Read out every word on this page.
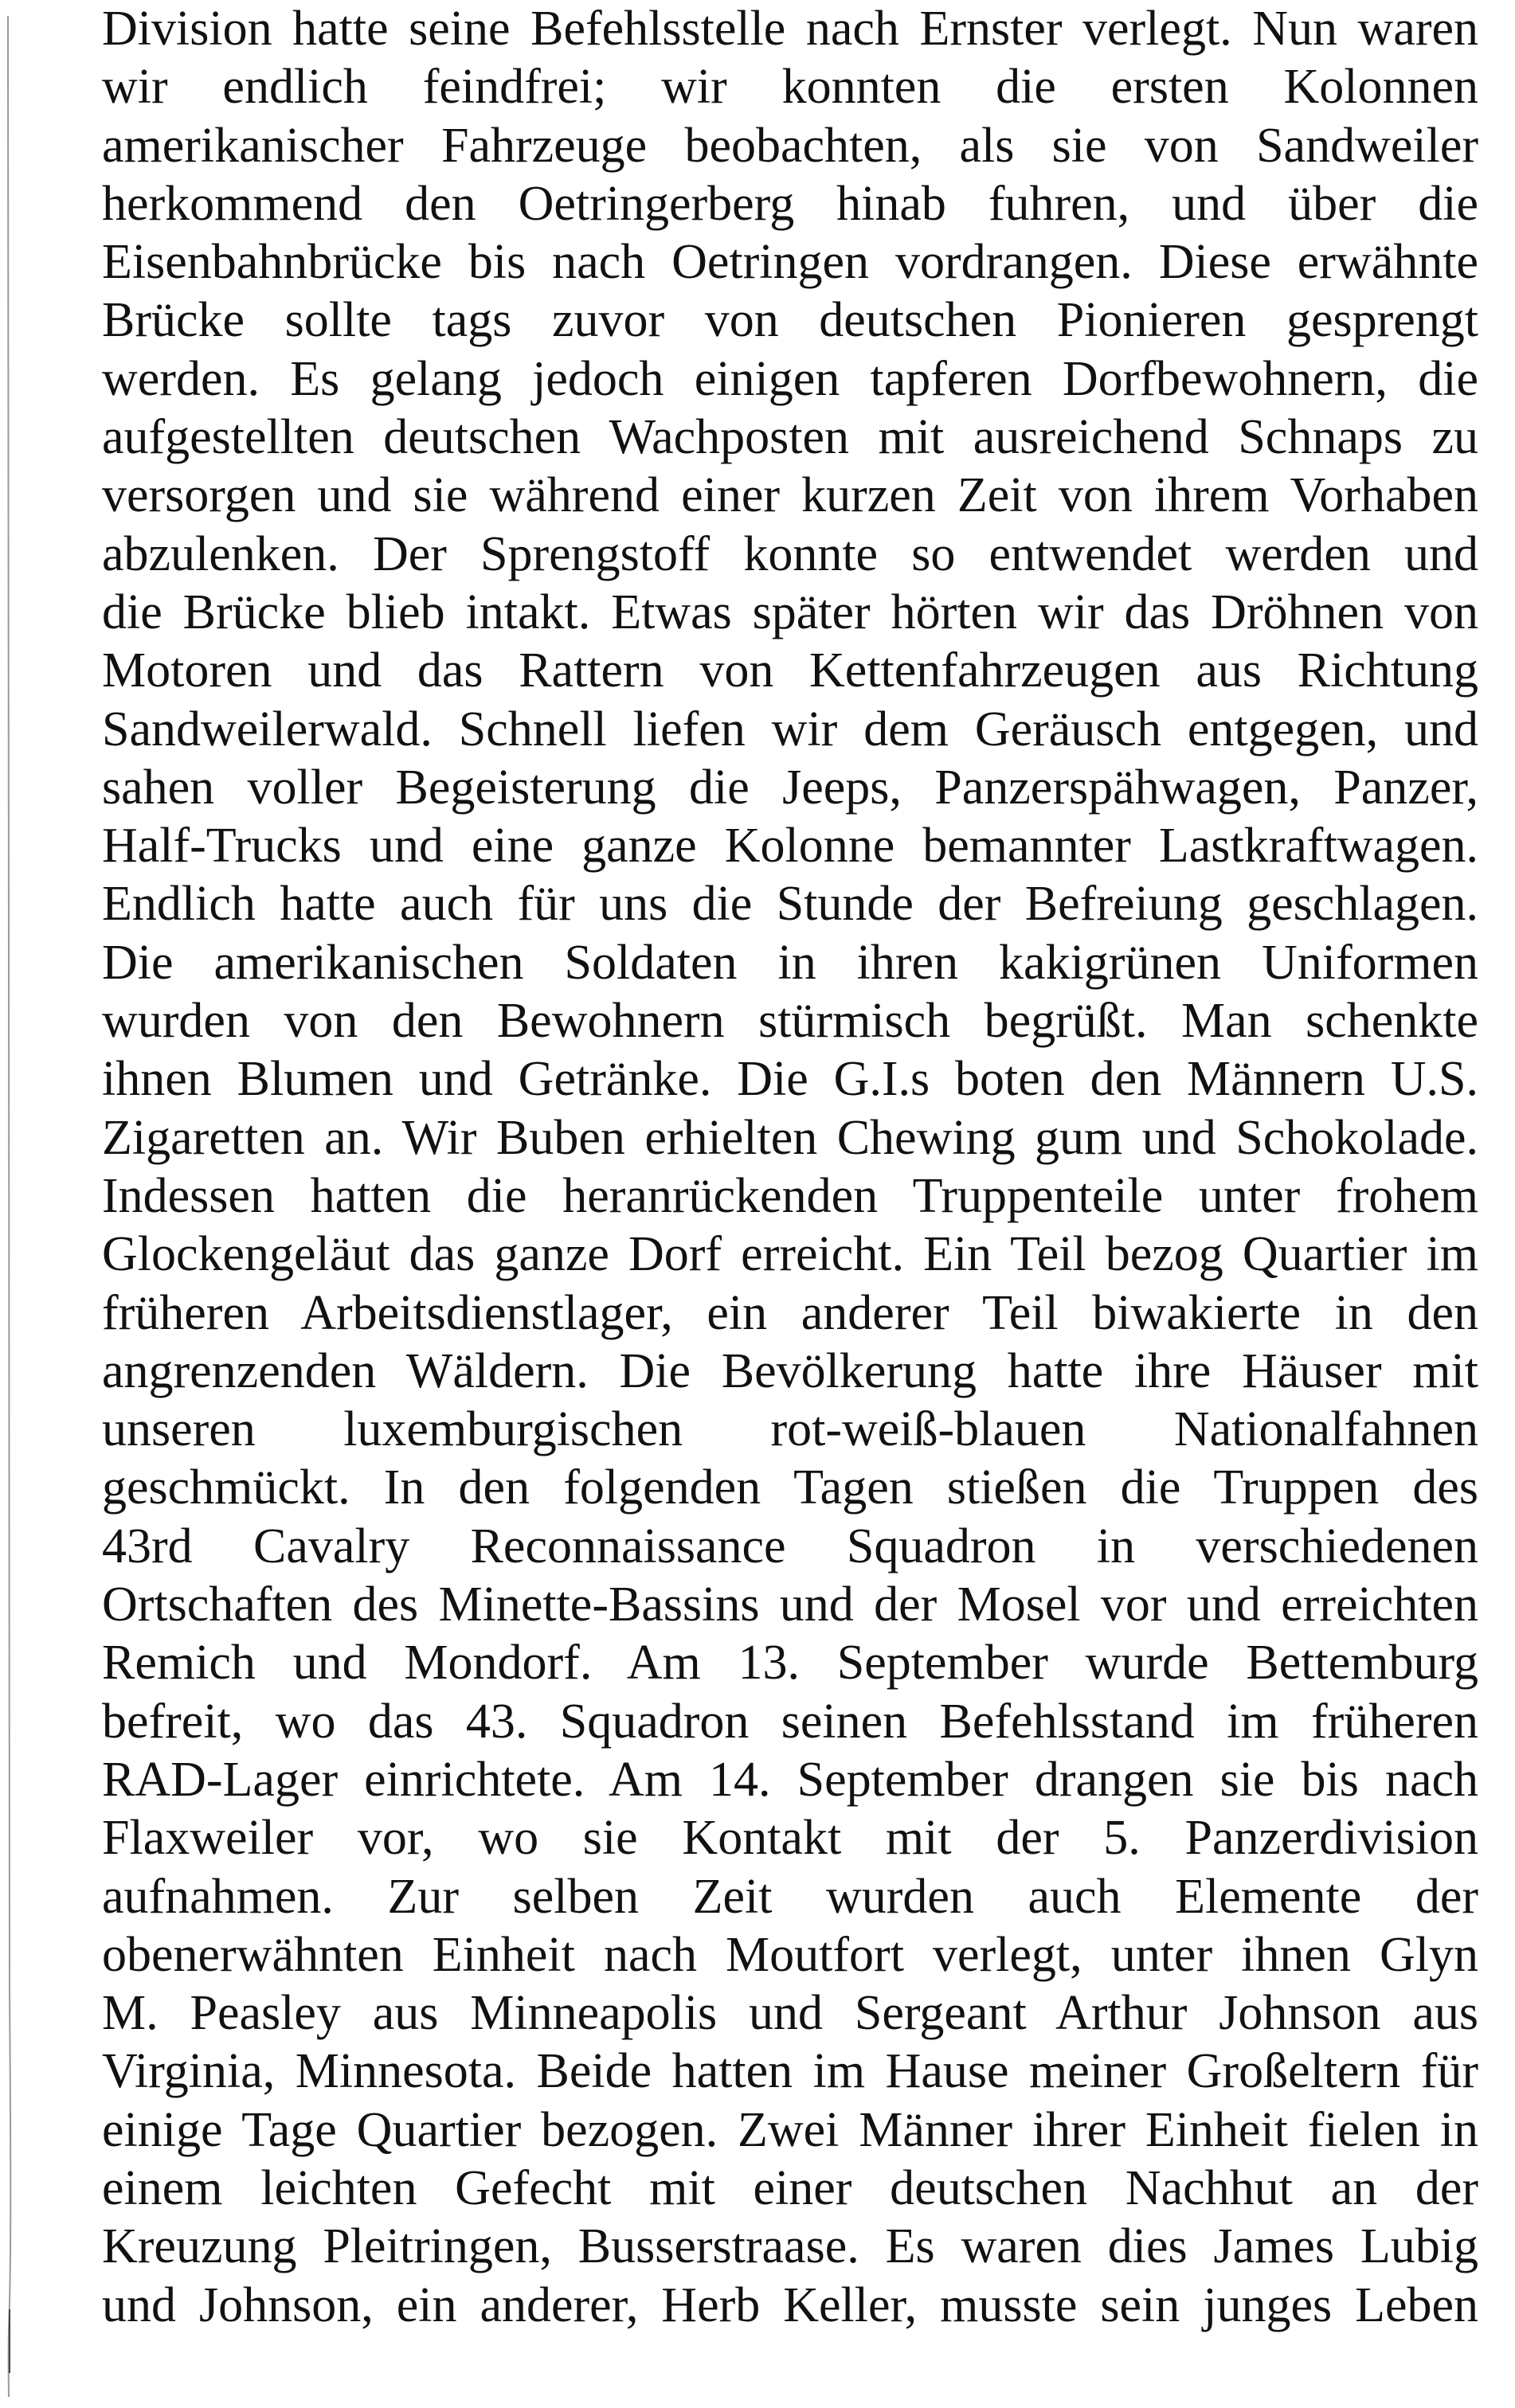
Division hatte seine Befehlsstelle nach Ernster verlegt. Nun waren
wir endlich feindfrei; wir konnten die ersten Kolonnen
amerikanischer Fahrzeuge beobachten, als sie von Sandweiler
herkommend den Oetringerberg hinab fuhren, und über die
Eisenbahnbrücke bis nach Oetringen vordrangen. Diese erwähnte
Brücke sollte tags zuvor von deutschen Pionieren gesprengt
werden. Es gelang jedoch einigen tapferen Dorfbewohnern, die
aufgestellten deutschen Wachposten mit ausreichend Schnaps zu
versorgen und sie während einer kurzen Zeit von ihrem Vorhaben
abzulenken. Der Sprengstoff konnte so entwendet werden und
die Brücke blieb intakt. Etwas später hörten wir das Dröhnen von
Motoren und das Rattern von Kettenfahrzeugen aus Richtung
Sandweilerwald. Schnell liefen wir dem Geräusch entgegen, und
sahen voller Begeisterung die Jeeps, Panzerspähwagen, Panzer,
Half-Trucks und eine ganze Kolonne bemannter Lastkraftwagen.
Endlich hatte auch für uns die Stunde der Befreiung geschlagen.
Die amerikanischen Soldaten in ihren kakigrünen Uniformen
wurden von den Bewohnern stürmisch begrüßt. Man schenkte
ihnen Blumen und Getränke. Die G.I.s boten den Männern U.S.
Zigaretten an. Wir Buben erhielten Chewing gum und Schokolade.
Indessen hatten die heranrückenden Truppenteile unter frohem
Glockengeläut das ganze Dorf erreicht. Ein Teil bezog Quartier im
früheren Arbeitsdienstlager, ein anderer Teil biwakierte in den
angrenzenden Wäldern. Die Bevölkerung hatte ihre Häuser mit
unseren luxemburgischen rot-weiß-blauen Nationalfahnen
geschmückt. In den folgenden Tagen stießen die Truppen des
43rd Cavalry Reconnaissance Squadron in verschiedenen
Ortschaften des Minette-Bassins und der Mosel vor und erreichten
Remich und Mondorf. Am 13. September wurde Bettemburg
befreit, wo das 43. Squadron seinen Befehlsstand im früheren
RAD-Lager einrichtete. Am 14. September drangen sie bis nach
Flaxweiler vor, wo sie Kontakt mit der 5. Panzerdivision
aufnahmen. Zur selben Zeit wurden auch Elemente der
obenerwähnten Einheit nach Moutfort verlegt, unter ihnen Glyn
M. Peasley aus Minneapolis und Sergeant Arthur Johnson aus
Virginia, Minnesota. Beide hatten im Hause meiner Großeltern für
einige Tage Quartier bezogen. Zwei Männer ihrer Einheit fielen in
einem leichten Gefecht mit einer deutschen Nachhut an der
Kreuzung Pleitringen, Busserstraase. Es waren dies James Lubig
und Johnson, ein anderer, Herb Keller, musste sein junges Leben
